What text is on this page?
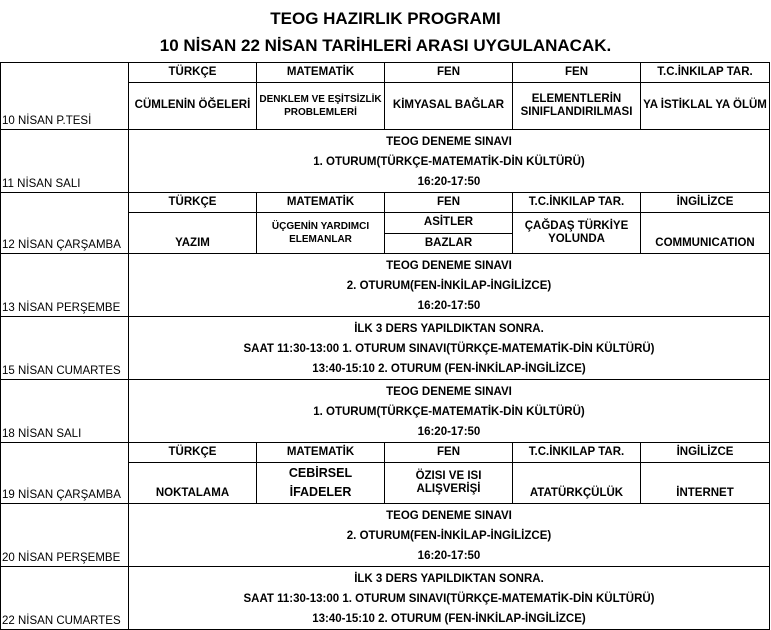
TEOG HAZIRLIK PROGRAMI
10 NİSAN 22 NİSAN TARİHLERİ ARASI UYGULANACAK.
10 NİSAN P.TESİ	TÜRKÇE	MATEMATİK	FEN	FEN	T.C.İNKILAP TAR.
	CÜMLENİN ÖĞELERİ	DENKLEM VE EŞİTSİZLİK PROBLEMLERİ	KİMYASAL BAĞLAR	ELEMENTLERİN SINIFLANDIRILMASI	YA İSTİKLAL YA ÖLÜM
11 NİSAN SALI	TEOG DENEME SINAVI
1. OTURUM(TÜRKÇE-MATEMATİK-DİN KÜLTÜRÜ)
16:20-17:50				

12 NİSAN ÇARŞAMBA	TÜRKÇE	MATEMATİK	FEN	T.C.İNKILAP TAR.	İNGİLİZCE
	YAZIM	ÜÇGENİN YARDIMCI ELEMANLAR	ASİTLER	ÇAĞDAŞ TÜRKİYE YOLUNDA	COMMUNICATION
			BAZLAR		
13 NİSAN PERŞEMBE	TEOG DENEME SINAVI
2. OTURUM(FEN-İNKİLAP-İNGİLİZCE)
16:20-17:50				

15 NİSAN CUMARTES	İLK 3 DERS YAPILDIKTAN SONRA.
SAAT 11:30-13:00 1. OTURUM SINAVI(TÜRKÇE-MATEMATİK-DİN KÜLTÜRÜ)
13:40-15:10 2. OTURUM (FEN-İNKİLAP-İNGİLİZCE)				

18 NİSAN SALI	TEOG DENEME SINAVI
1. OTURUM(TÜRKÇE-MATEMATİK-DİN KÜLTÜRÜ)
16:20-17:50				

19 NİSAN ÇARŞAMBA	TÜRKÇE	MATEMATİK	FEN	T.C.İNKILAP TAR.	İNGİLİZCE
	NOKTALAMA	CEBİRSEL İFADELER	ÖZISI VE ISI ALIŞVERİŞİ	ATATÜRKÇÜLÜK	İNTERNET
20 NİSAN PERŞEMBE	TEOG DENEME SINAVI
2. OTURUM(FEN-İNKİLAP-İNGİLİZCE)
16:20-17:50				

22 NİSAN CUMARTES	İLK 3 DERS YAPILDIKTAN SONRA.
SAAT 11:30-13:00 1. OTURUM SINAVI(TÜRKÇE-MATEMATİK-DİN KÜLTÜRÜ)
13:40-15:10 2. OTURUM (FEN-İNKİLAP-İNGİLİZCE)				
